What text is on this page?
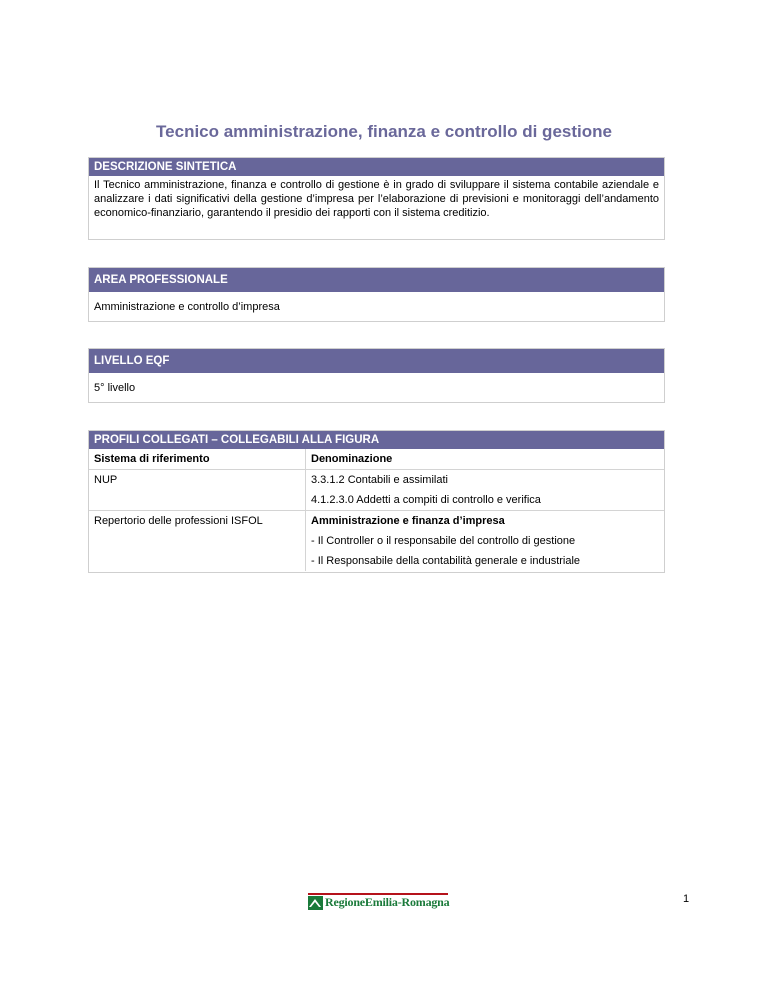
Tecnico amministrazione, finanza e controllo di gestione
DESCRIZIONE SINTETICA
Il Tecnico amministrazione, finanza e controllo di gestione è in grado di sviluppare il sistema contabile aziendale e analizzare i dati significativi della gestione d’impresa per l’elaborazione di previsioni e monitoraggi dell’andamento economico-finanziario, garantendo il presidio dei rapporti con il sistema creditizio.
AREA PROFESSIONALE
Amministrazione e controllo d’impresa
LIVELLO EQF
5° livello
PROFILI COLLEGATI – COLLEGABILI ALLA FIGURA
Sistema di riferimento	Denominazione

NUP	3.3.1.2 Contabili e assimilati
4.1.2.3.0 Addetti a compiti di controllo e verifica

Repertorio delle professioni ISFOL	Amministrazione e finanza d’impresa
- Il Controller o il responsabile del controllo di gestione
- Il Responsabile della contabilità generale e industriale
RegioneEmilia-Romagna	1
